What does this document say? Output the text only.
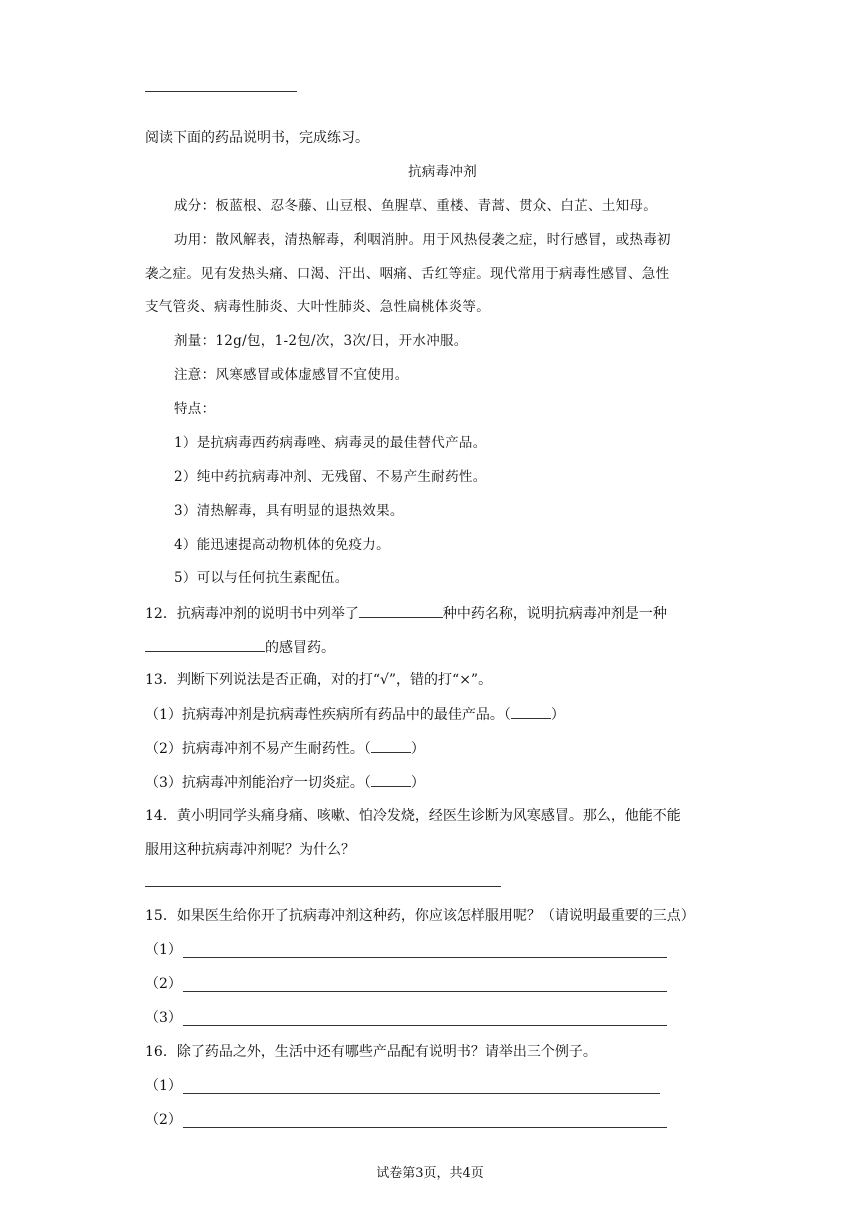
阅读下面的药品说明书，完成练习。
抗病毒冲剂
成分：板蓝根、忍冬藤、山豆根、鱼腥草、重楼、青蒿、贯众、白芷、土知母。
功用：散风解表，清热解毒，利咽消肿。用于风热侵袭之症，时行感冒，或热毒初
袭之症。见有发热头痛、口渴、汗出、咽痛、舌红等症。现代常用于病毒性感冒、急性
支气管炎、病毒性肺炎、大叶性肺炎、急性扁桃体炎等。
剂量：12g/包，1-2包/次，3次/日，开水冲服。
注意：风寒感冒或体虚感冒不宜使用。
特点：
1）是抗病毒西药病毒唑、病毒灵的最佳替代产品。
2）纯中药抗病毒冲剂、无残留、不易产生耐药性。
3）清热解毒，具有明显的退热效果。
4）能迅速提高动物机体的免疫力。
5）可以与任何抗生素配伍。
12．抗病毒冲剂的说明书中列举了	种中药名称，说明抗病毒冲剂是一种
的感冒药。
13．判断下列说法是否正确，对的打“√”，错的打“×”。
（1）抗病毒冲剂是抗病毒性疾病所有药品中的最佳产品。（	）
（2）抗病毒冲剂不易产生耐药性。（	）
（3）抗病毒冲剂能治疗一切炎症。（	）
14．黄小明同学头痛身痛、咳嗽、怕冷发烧，经医生诊断为风寒感冒。那么，他能不能
服用这种抗病毒冲剂呢？为什么？
15．如果医生给你开了抗病毒冲剂这种药，你应该怎样服用呢？（请说明最重要的三点）
（1）
（2）
（3）
16．除了药品之外，生活中还有哪些产品配有说明书？请举出三个例子。
（1）
（2）
试卷第3页，共4页
